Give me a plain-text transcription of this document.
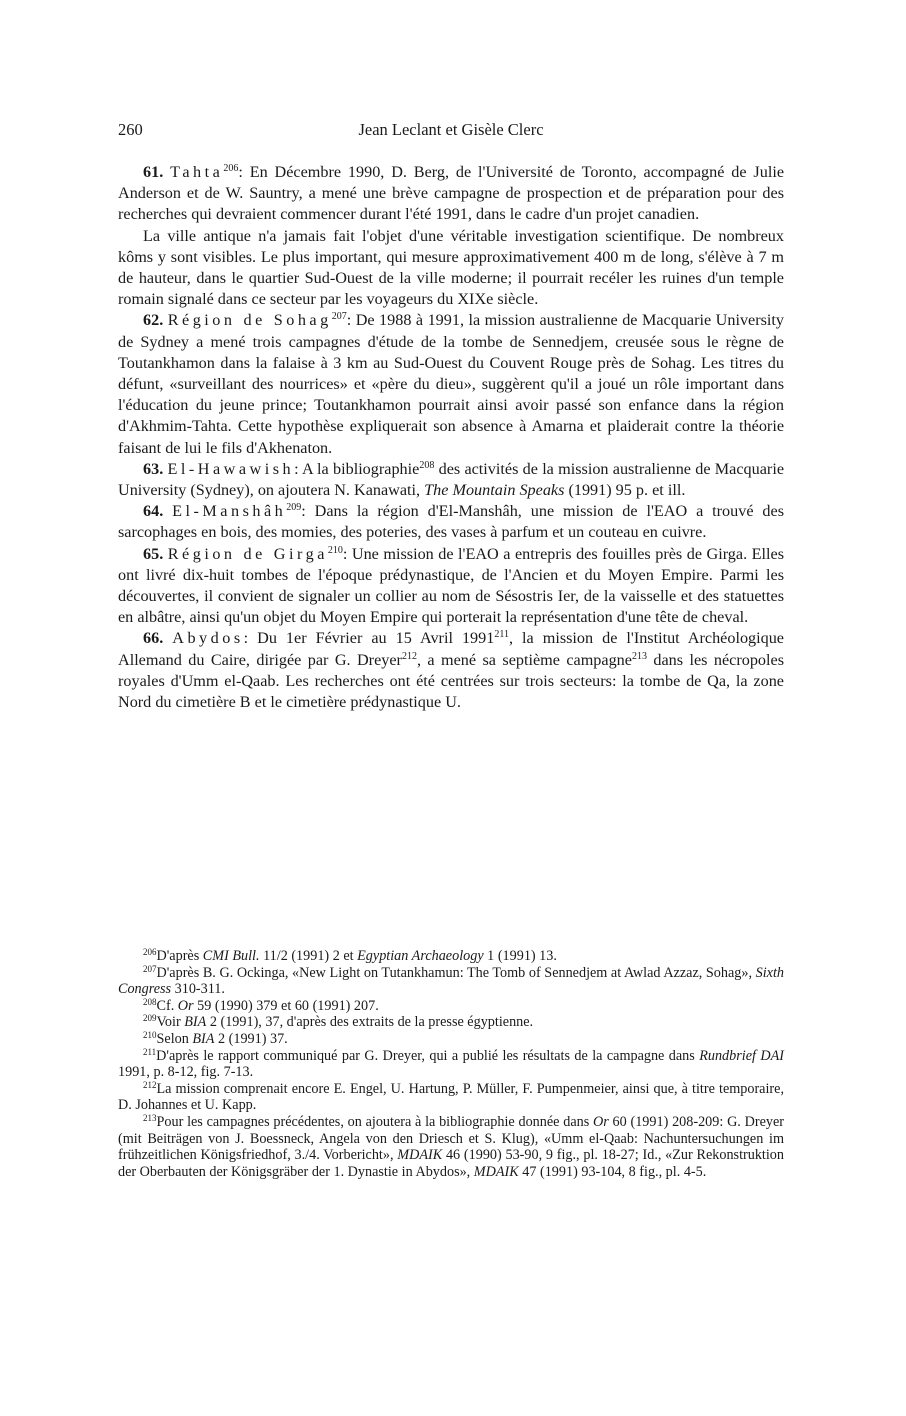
260	Jean Leclant et Gisèle Clerc

61. Tahta$^{206}$: En Décembre 1990, D. Berg, de l'Université de Toronto, accompagné de Julie Anderson et de W. Sauntry, a mené une brève campagne de prospection et de préparation pour des recherches qui devraient commencer durant l'été 1991, dans le cadre d'un projet canadien.

La ville antique n'a jamais fait l'objet d'une véritable investigation scientifique. De nombreux kôms y sont visibles. Le plus important, qui mesure approximativement 400 m de long, s'élève à 7 m de hauteur, dans le quartier Sud-Ouest de la ville moderne; il pourrait recéler les ruines d'un temple romain signalé dans ce secteur par les voyageurs du XIXe siècle.

62. Région de Sohag$^{207}$: De 1988 à 1991, la mission australienne de Macquarie University de Sydney a mené trois campagnes d'étude de la tombe de Sennedjem, creusée sous le règne de Toutankhamon dans la falaise à 3 km au Sud-Ouest du Couvent Rouge près de Sohag. Les titres du défunt, «surveillant des nourrices» et «père du dieu», suggèrent qu'il a joué un rôle important dans l'éducation du jeune prince; Toutankhamon pourrait ainsi avoir passé son enfance dans la région d'Akhmim-Tahta. Cette hypothèse expliquerait son absence à Amarna et plaiderait contre la théorie faisant de lui le fils d'Akhenaton.

63. El-Hawawish: A la bibliographie$^{208}$ des activités de la mission australienne de Macquarie University (Sydney), on ajoutera N. Kanawati, The Mountain Speaks (1991) 95 p. et ill.

64. El-Manshâh$^{209}$: Dans la région d'El-Manshâh, une mission de l'EAO a trouvé des sarcophages en bois, des momies, des poteries, des vases à parfum et un couteau en cuivre.

65. Région de Girga$^{210}$: Une mission de l'EAO a entrepris des fouilles près de Girga. Elles ont livré dix-huit tombes de l'époque prédynastique, de l'Ancien et du Moyen Empire. Parmi les découvertes, il convient de signaler un collier au nom de Sésostris Ier, de la vaisselle et des statuettes en albâtre, ainsi qu'un objet du Moyen Empire qui porterait la représentation d'une tête de cheval.

66. Abydos: Du 1er Février au 15 Avril 1991$^{211}$, la mission de l'Institut Archéologique Allemand du Caire, dirigée par G. Dreyer$^{212}$, a mené sa septième campagne$^{213}$ dans les nécropoles royales d'Umm el-Qaab. Les recherches ont été centrées sur trois secteurs: la tombe de Qa, la zone Nord du cimetière B et le cimetière prédynastique U.

$^{206}$D'après CMI Bull. 11/2 (1991) 2 et Egyptian Archaeology 1 (1991) 13.

$^{207}$D'après B. G. Ockinga, «New Light on Tutankhamun: The Tomb of Sennedjem at Awlad Azzaz, Sohag», Sixth Congress 310-311.

$^{208}$Cf. Or 59 (1990) 379 et 60 (1991) 207.

$^{209}$Voir BIA 2 (1991), 37, d'après des extraits de la presse égyptienne.

$^{210}$Selon BIA 2 (1991) 37.

$^{211}$D'après le rapport communiqué par G. Dreyer, qui a publié les résultats de la campagne dans Rundbrief DAI 1991, p. 8-12, fig. 7-13.

$^{212}$La mission comprenait encore E. Engel, U. Hartung, P. Müller, F. Pumpenmeier, ainsi que, à titre temporaire, D. Johannes et U. Kapp.

$^{213}$Pour les campagnes précédentes, on ajoutera à la bibliographie donnée dans Or 60 (1991) 208-209: G. Dreyer (mit Beiträgen von J. Boessneck, Angela von den Driesch et S. Klug), «Umm el-Qaab: Nachuntersuchungen im frühzeitlichen Königsfriedhof, 3./4. Vorbericht», MDAIK 46 (1990) 53-90, 9 fig., pl. 18-27; Id., «Zur Rekonstruktion der Oberbauten der Königsgräber der 1. Dynastie in Abydos», MDAIK 47 (1991) 93-104, 8 fig., pl. 4-5.
